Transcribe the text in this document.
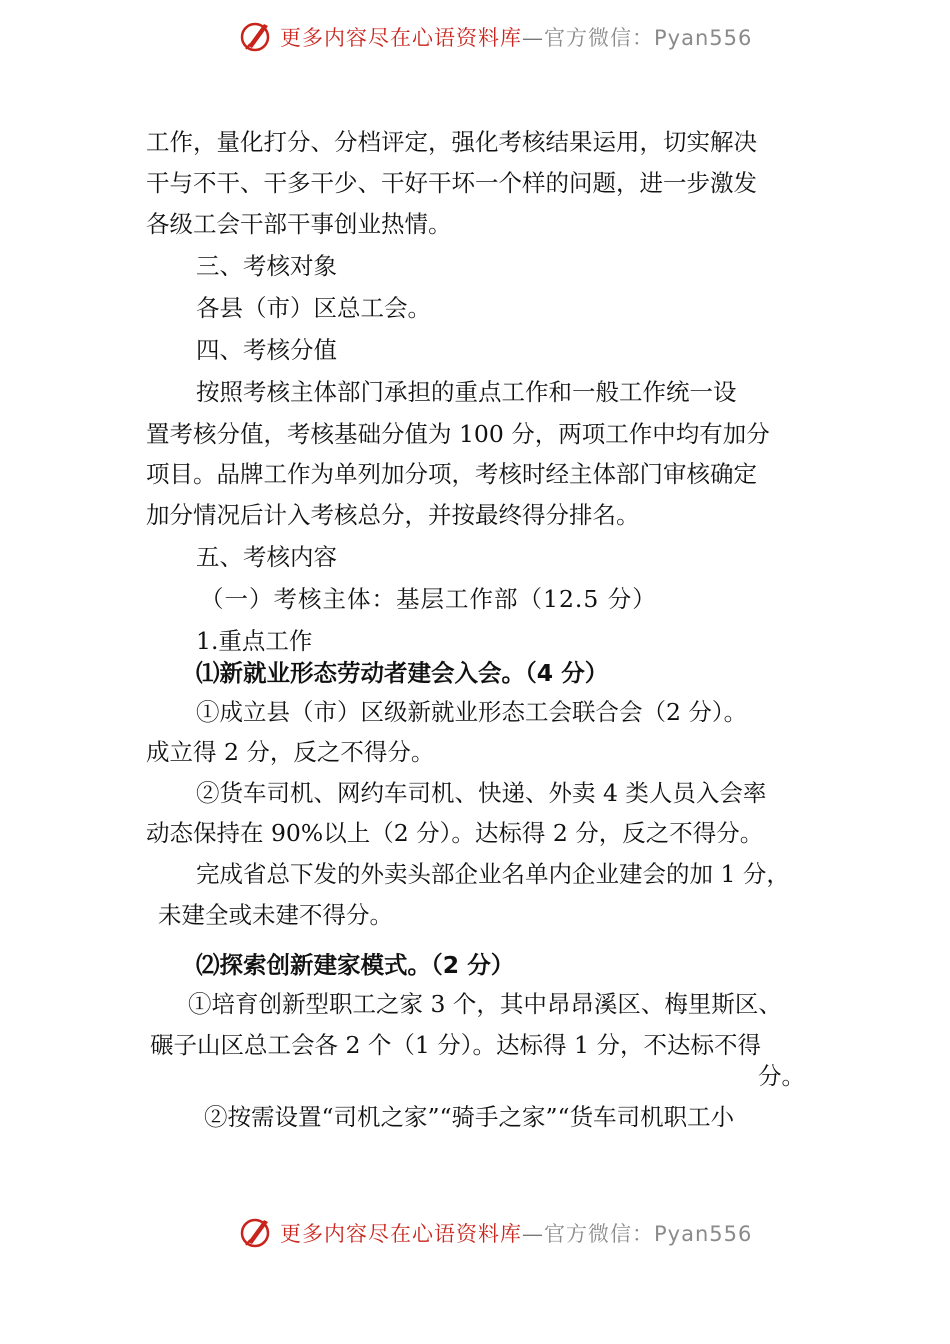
更多内容尽在心语资料库—官方微信：Pyan556
工作，量化打分、分档评定，强化考核结果运用，切实解决
干与不干、干多干少、干好干坏一个样的问题，进一步激发
各级工会干部干事创业热情。
三、考核对象
各县（市）区总工会。
四、考核分值
按照考核主体部门承担的重点工作和一般工作统一设
置考核分值，考核基础分值为 100 分，两项工作中均有加分
项目。品牌工作为单列加分项，考核时经主体部门审核确定
加分情况后计入考核总分，并按最终得分排名。
五、考核内容
（一）考核主体：基层工作部（12.5 分）
1.重点工作
⑴新就业形态劳动者建会入会。（4 分）
①成立县（市）区级新就业形态工会联合会（2 分）。
成立得 2 分，反之不得分。
②货车司机、网约车司机、快递、外卖 4 类人员入会率
动态保持在 90%以上（2 分）。达标得 2 分，反之不得分。
完成省总下发的外卖头部企业名单内企业建会的加 1 分，
未建全或未建不得分。
⑵探索创新建家模式。（2 分）
①培育创新型职工之家 3 个，其中昂昂溪区、梅里斯区、
碾子山区总工会各 2 个（1 分）。达标得 1 分，不达标不得
分。
②按需设置“司机之家”“骑手之家”“货车司机职工小
更多内容尽在心语资料库—官方微信：Pyan556
